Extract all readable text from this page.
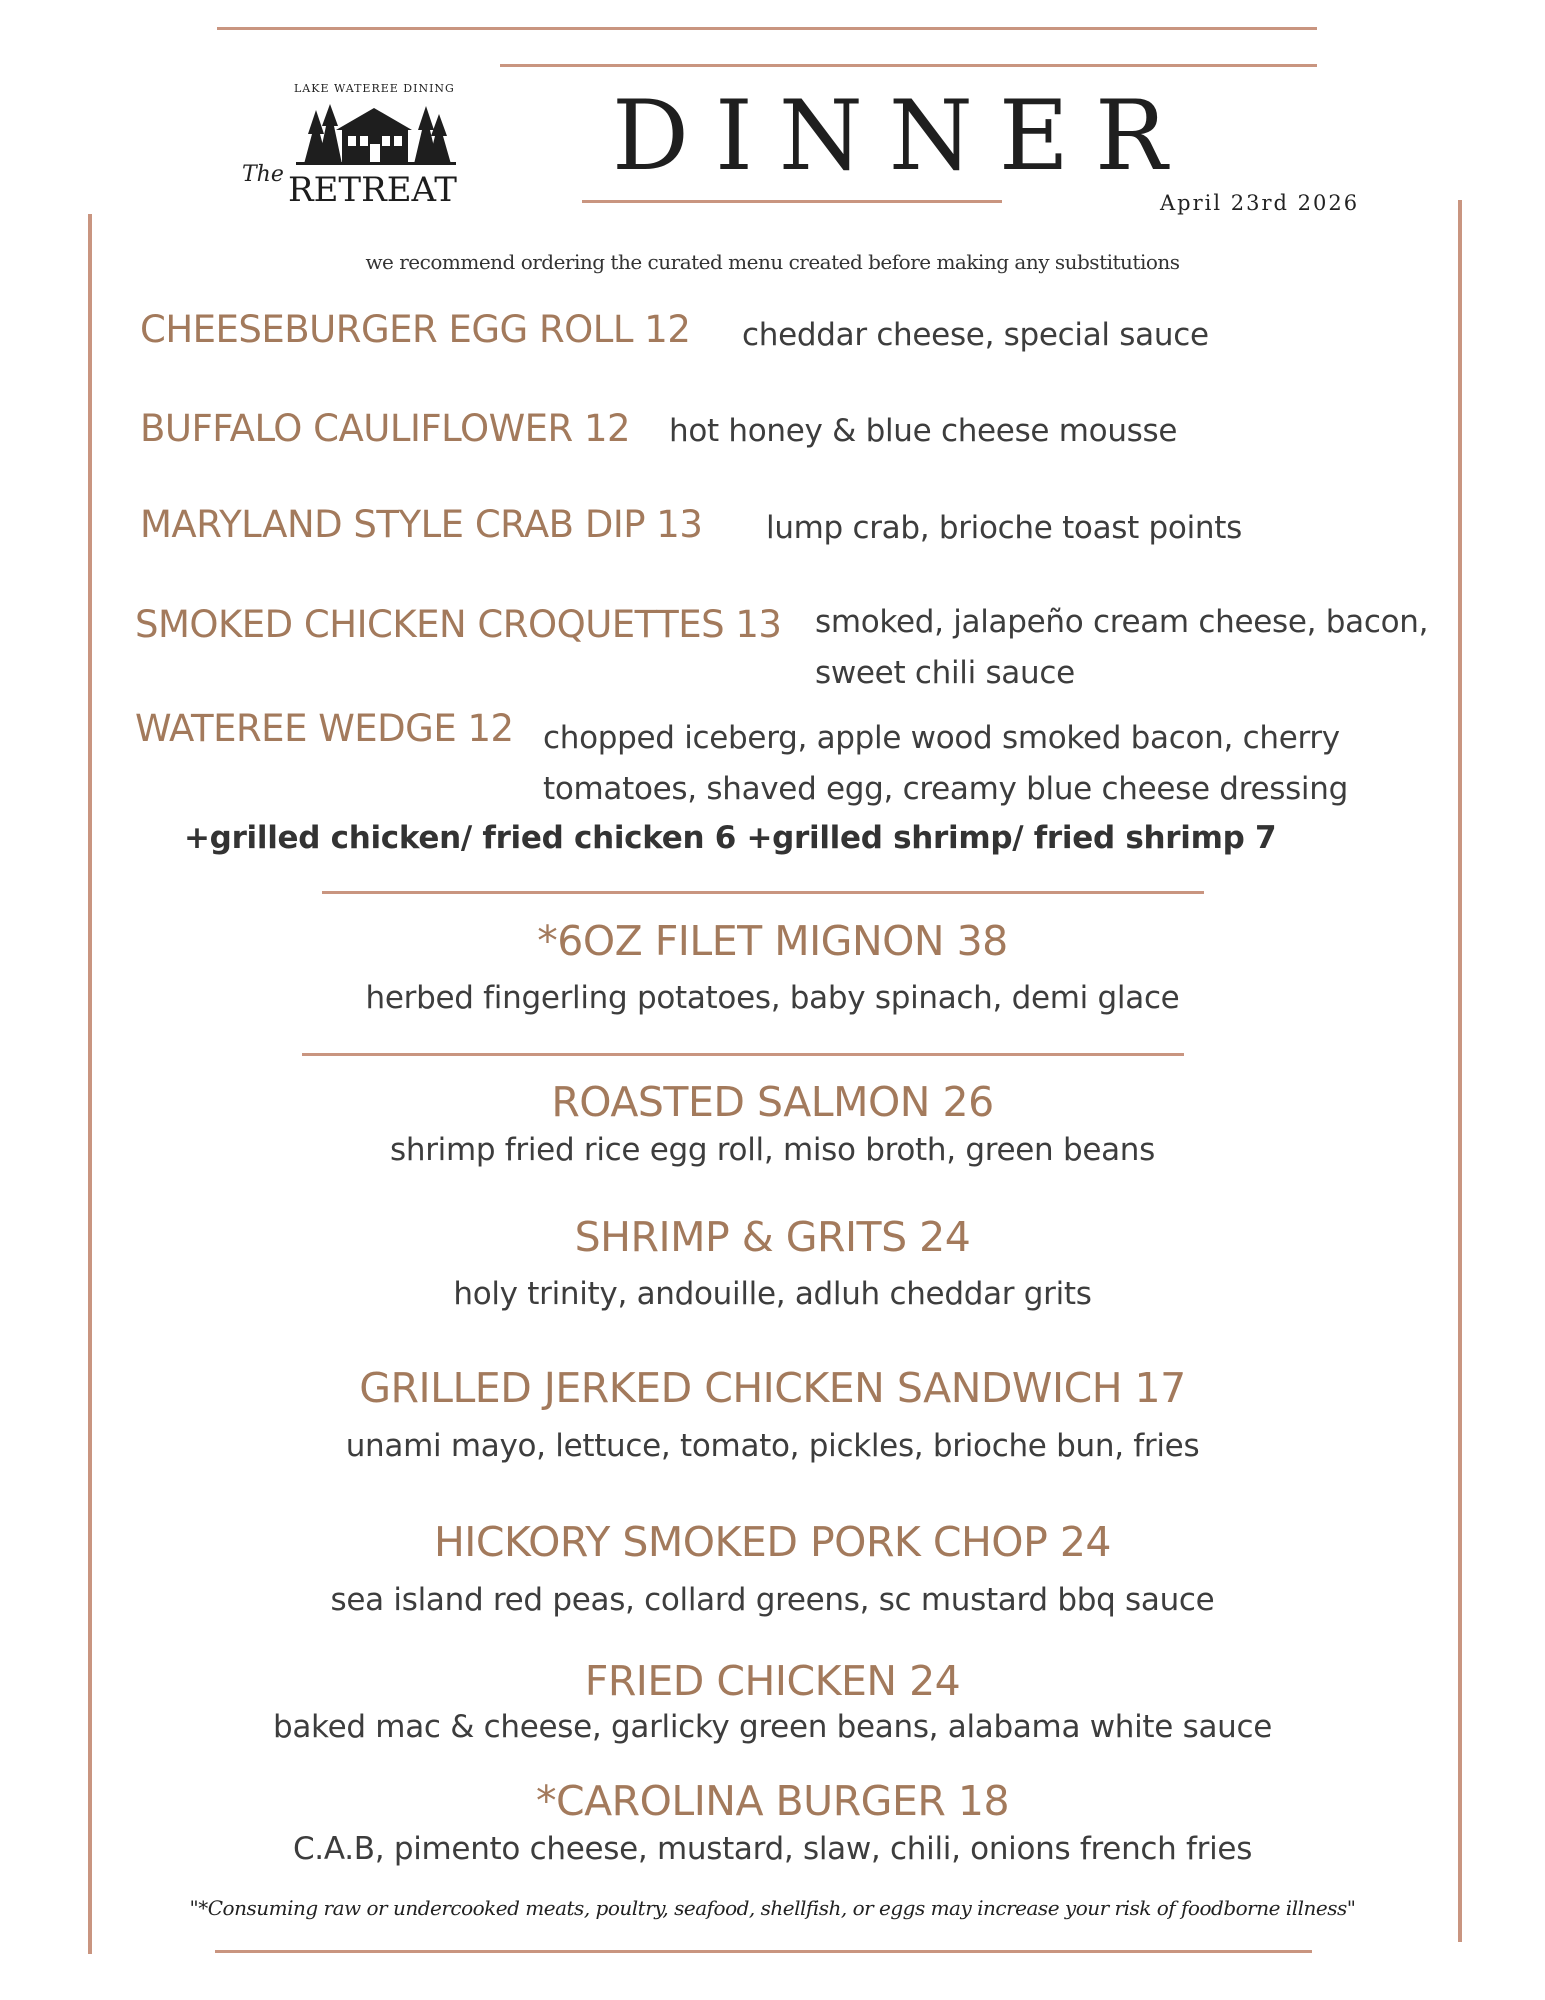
LAKE WATEREE DINING
The RETREAT DINNER
April 23rd 2026
we recommend ordering the curated menu created before making any substitutions
CHEESEBURGER EGG ROLL 12 cheddar cheese, special sauce
BUFFALO CAULIFLOWER 12 hot honey & blue cheese mousse
MARYLAND STYLE CRAB DIP 13 lump crab, brioche toast points
SMOKED CHICKEN CROQUETTES 13 smoked, jalapeño cream cheese, bacon, sweet chili sauce
WATEREE WEDGE 12 chopped iceberg, apple wood smoked bacon, cherry tomatoes, shaved egg, creamy blue cheese dressing
+grilled chicken/ fried chicken 6 +grilled shrimp/ fried shrimp 7
*6OZ FILET MIGNON 38
herbed fingerling potatoes, baby spinach, demi glace
ROASTED SALMON 26
shrimp fried rice egg roll, miso broth, green beans
SHRIMP & GRITS 24
holy trinity, andouille, adluh cheddar grits
GRILLED JERKED CHICKEN SANDWICH 17
unami mayo, lettuce, tomato, pickles, brioche bun, fries
HICKORY SMOKED PORK CHOP 24
sea island red peas, collard greens, sc mustard bbq sauce
FRIED CHICKEN 24
baked mac & cheese, garlicky green beans, alabama white sauce
*CAROLINA BURGER 18
C.A.B, pimento cheese, mustard, slaw, chili, onions french fries
"*Consuming raw or undercooked meats, poultry, seafood, shellfish, or eggs may increase your risk of foodborne illness"
